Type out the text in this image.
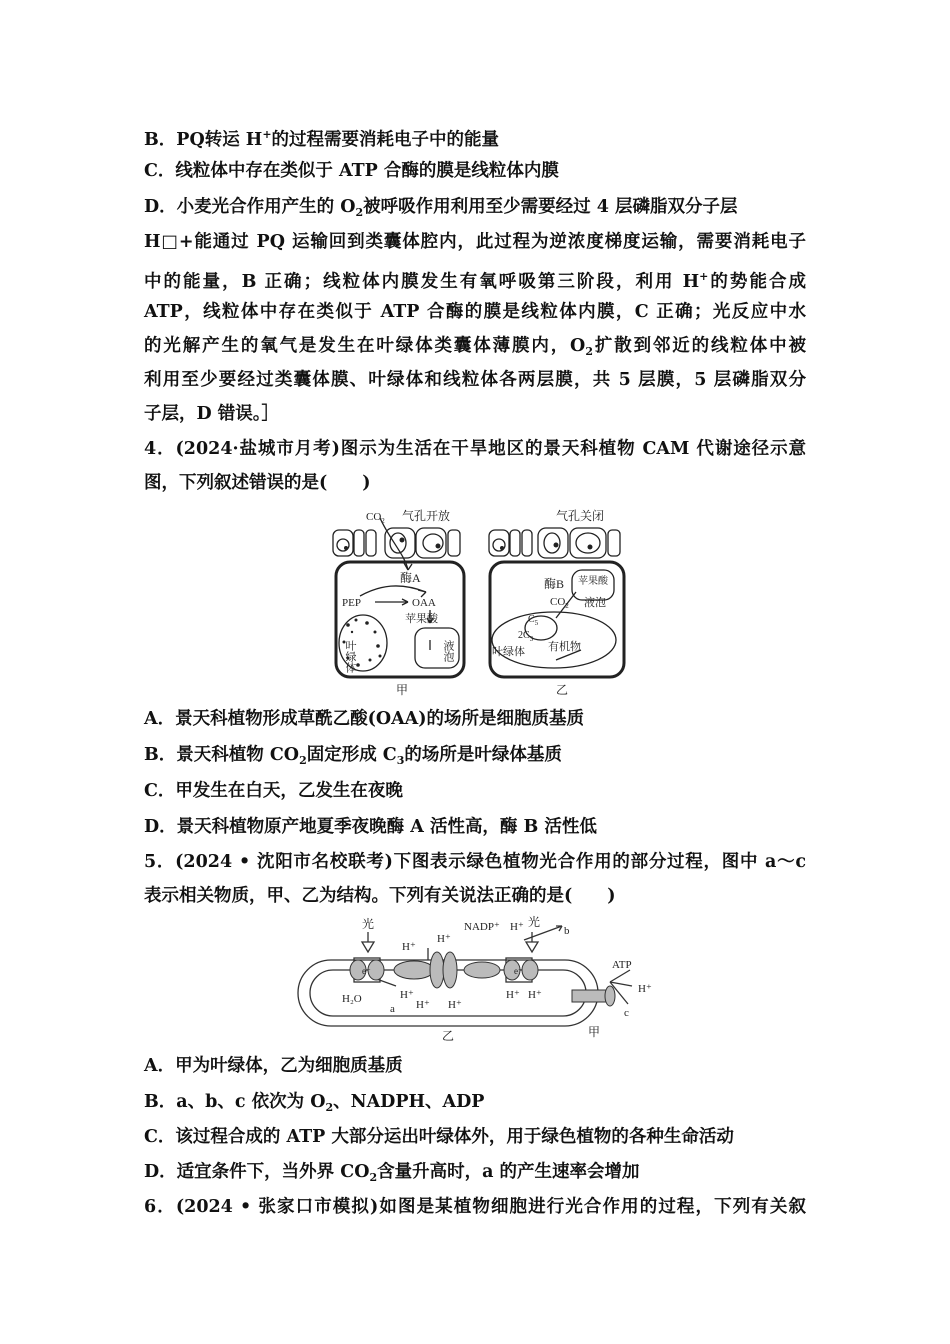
B．PQ转运 H+的过程需要消耗电子中的能量
C．线粒体中存在类似于 ATP 合酶的膜是线粒体内膜
D．小麦光合作用产生的 $O_2$被呼吸作用利用至少需要经过 4 层磷脂双分子层
H□+能通过 PQ 运输回到类囊体腔内，此过程为逆浓度梯度运输，需要消耗电子
中的能量，B 正确；线粒体内膜发生有氧呼吸第三阶段，利用 H+的势能合成
ATP，线粒体中存在类似于 ATP 合酶的膜是线粒体内膜，C 正确；光反应中水
的光解产生的氧气是发生在叶绿体类囊体薄膜内，$O_2$扩散到邻近的线粒体中被
利用至少要经过类囊体膜、叶绿体和线粒体各两层膜，共 5 层膜，5 层磷脂双分
子层，D 错误。］
4．(2024·盐城市月考)图示为生活在干旱地区的景天科植物 CAM 代谢途径示意
图，下列叙述错误的是(　　)
$CO_2$ 气孔开放
酶A
PEP	OAA
苹果酸
叶绿体	液泡
甲
气孔关闭
酶B 苹果酸
$CO_2$ 液泡
$C_5$
$2C_3$
有机物
叶绿体
乙
A．景天科植物形成草酰乙酸(OAA)的场所是细胞质基质
B．景天科植物 $CO_2$固定形成 $C_3$的场所是叶绿体基质
C．甲发生在白天，乙发生在夜晚
D．景天科植物原产地夏季夜晚酶 A 活性高，酶 B 活性低
5．(2024 • 沈阳市名校联考)下图表示绿色植物光合作用的部分过程，图中 a～c
表示相关物质，甲、乙为结构。下列有关说法正确的是(　　)
光
H⁺
H⁺
NADP⁺ H⁺ 光
b
e⁻	e⁻	ATP
H⁺
H₂O	H⁺
H⁺ H⁺
H⁺ H⁺
a	c
乙	甲
A．甲为叶绿体，乙为细胞质基质
B．a、b、c 依次为 $O_2$、NADPH、ADP
C．该过程合成的 ATP 大部分运出叶绿体外，用于绿色植物的各种生命活动
D．适宜条件下，当外界 $CO_2$含量升高时，a 的产生速率会增加
6．(2024 • 张家口市模拟)如图是某植物细胞进行光合作用的过程，下列有关叙
